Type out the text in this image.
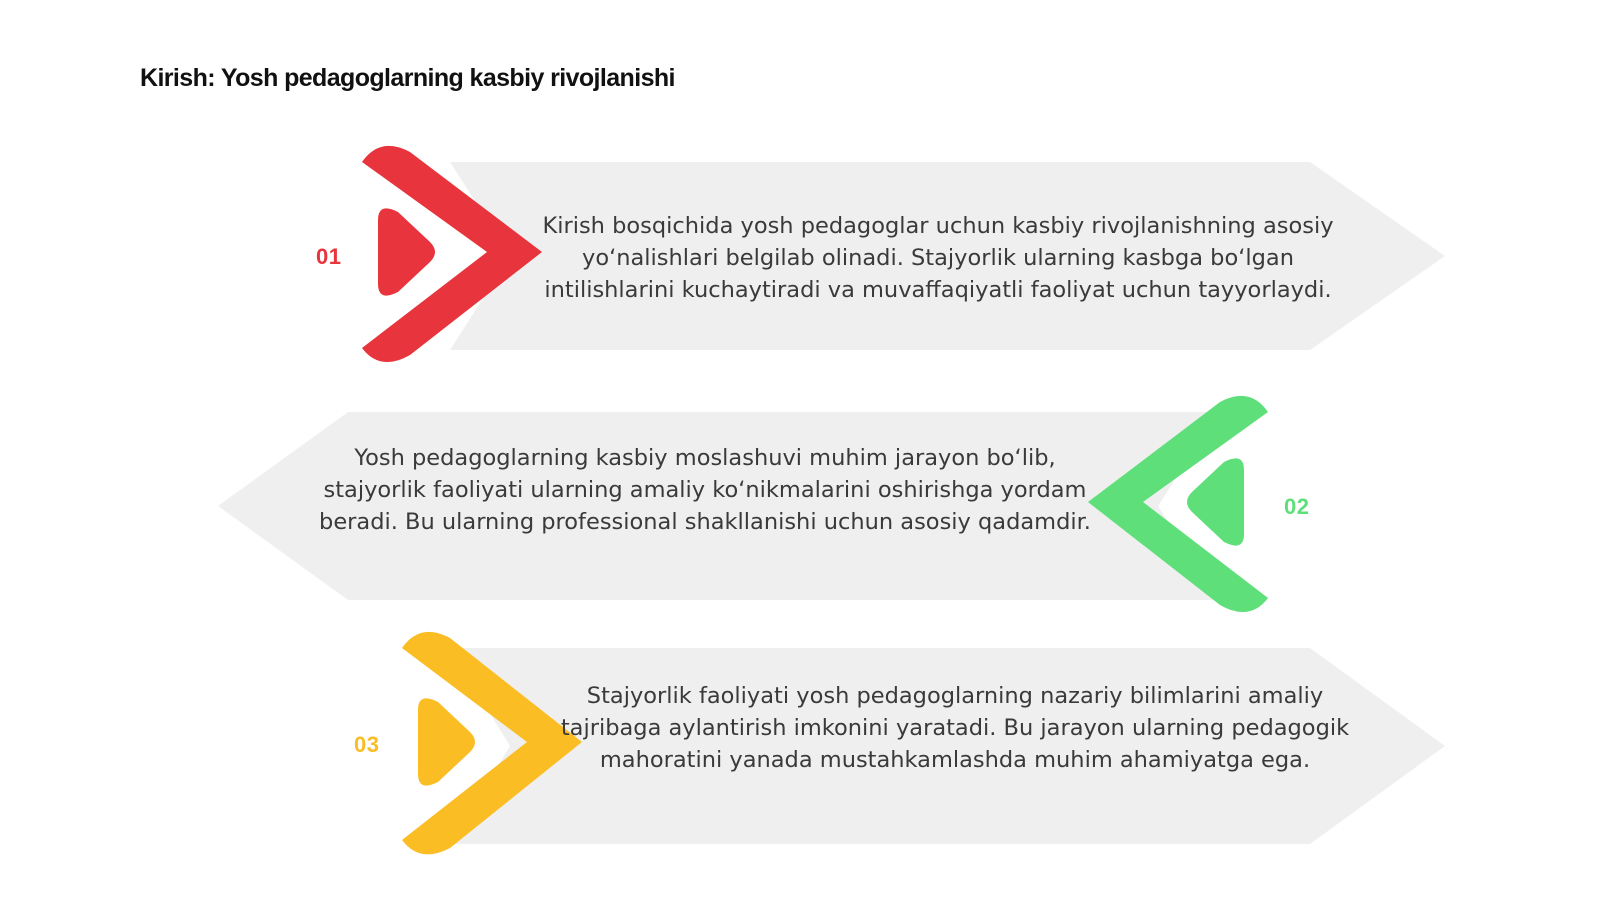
Kirish: Yosh pedagoglarning kasbiy rivojlanishi
01
Kirish bosqichida yosh pedagoglar uchun kasbiy rivojlanishning asosiy yo‘nalishlari belgilab olinadi. Stajyorlik ularning kasbga bo‘lgan intilishlarini kuchaytiradi va muvaffaqiyatli faoliyat uchun tayyorlaydi.
02
Yosh pedagoglarning kasbiy moslashuvi muhim jarayon bo‘lib, stajyorlik faoliyati ularning amaliy ko‘nikmalarini oshirishga yordam beradi. Bu ularning professional shakllanishi uchun asosiy qadamdir.
03
Stajyorlik faoliyati yosh pedagoglarning nazariy bilimlarini amaliy tajribaga aylantirish imkonini yaratadi. Bu jarayon ularning pedagogik mahoratini yanada mustahkamlashda muhim ahamiyatga ega.
